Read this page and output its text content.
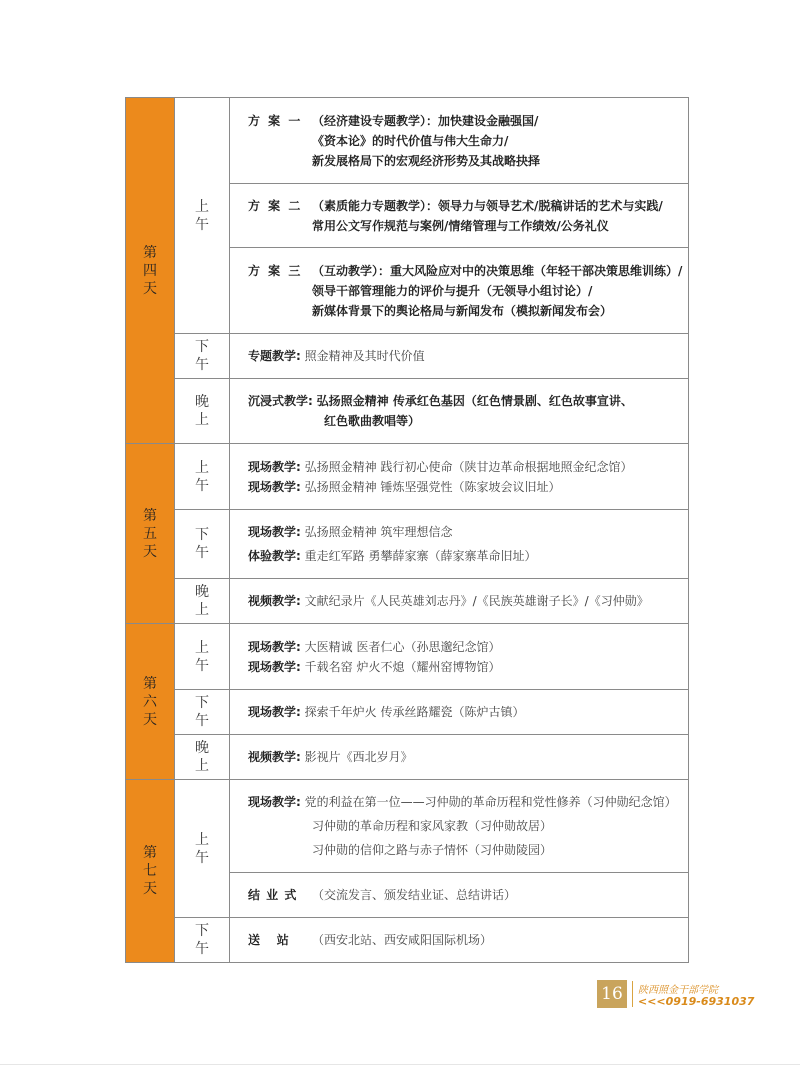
第四天	上午	方 案 一 （经济建设专题教学）：加快建设金融强国/
《资本论》的时代价值与伟大生命力/
新发展格局下的宏观经济形势及其战略抉择

		方 案 二 （素质能力专题教学）：领导力与领导艺术/脱稿讲话的艺术与实践/
常用公文写作规范与案例/情绪管理与工作绩效/公务礼仪

		方 案 三 （互动教学）：重大风险应对中的决策思维（年轻干部决策思维训练）/
领导干部管理能力的评价与提升（无领导小组讨论）/
新媒体背景下的舆论格局与新闻发布（模拟新闻发布会）

	下午	专题教学: 照金精神及其时代价值

	晚上	沉浸式教学: 弘扬照金精神 传承红色基因（红色情景剧、红色故事宣讲、
红色歌曲教唱等）

第五天	上午	现场教学: 弘扬照金精神 践行初心使命（陕甘边革命根据地照金纪念馆）
现场教学: 弘扬照金精神 锤炼坚强党性（陈家坡会议旧址）

	下午	现场教学: 弘扬照金精神 筑牢理想信念
体验教学: 重走红军路 勇攀薛家寨（薛家寨革命旧址）

	晚上	视频教学: 文献纪录片《人民英雄刘志丹》/《民族英雄谢子长》/《习仲勋》

第六天	上午	现场教学: 大医精诚 医者仁心（孙思邈纪念馆）
现场教学: 千载名窑 炉火不熄（耀州窑博物馆）

	下午	现场教学: 探索千年炉火 传承丝路耀瓷（陈炉古镇）

	晚上	视频教学: 影视片《西北岁月》

第七天	上午	现场教学: 党的利益在第一位——习仲勋的革命历程和党性修养（习仲勋纪念馆）
习仲勋的革命历程和家风家教（习仲勋故居）
习仲勋的信仰之路与赤子情怀（习仲勋陵园）

		结 业 式 （交流发言、颁发结业证、总结讲话）

	下午	送    站 （西安北站、西安咸阳国际机场）
16	陕西照金干部学院
<<<0919-6931037
